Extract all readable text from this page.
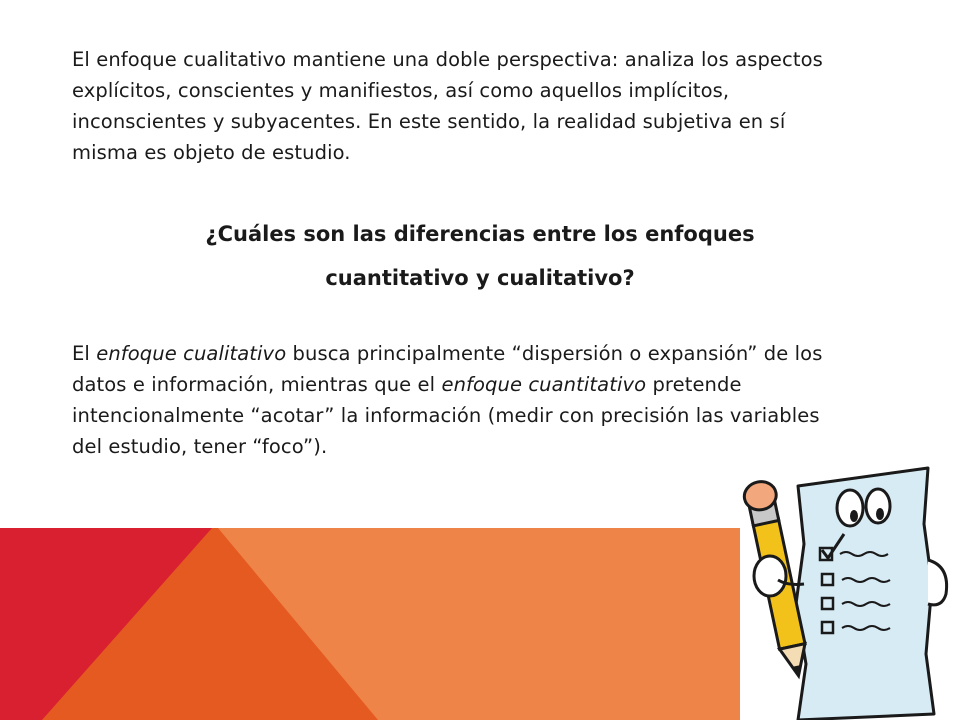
El enfoque cualitativo mantiene una doble perspectiva: analiza los aspectos explícitos, conscientes y manifiestos, así como aquellos implícitos, inconscientes y subyacentes. En este sentido, la realidad subjetiva en sí misma es objeto de estudio.

¿Cuáles son las diferencias entre los enfoques
cuantitativo y cualitativo?

El enfoque cualitativo busca principalmente “dispersión o expansión” de los datos e información, mientras que el enfoque cuantitativo pretende intencionalmente “acotar” la información (medir con precisión las variables del estudio, tener “foco”).
